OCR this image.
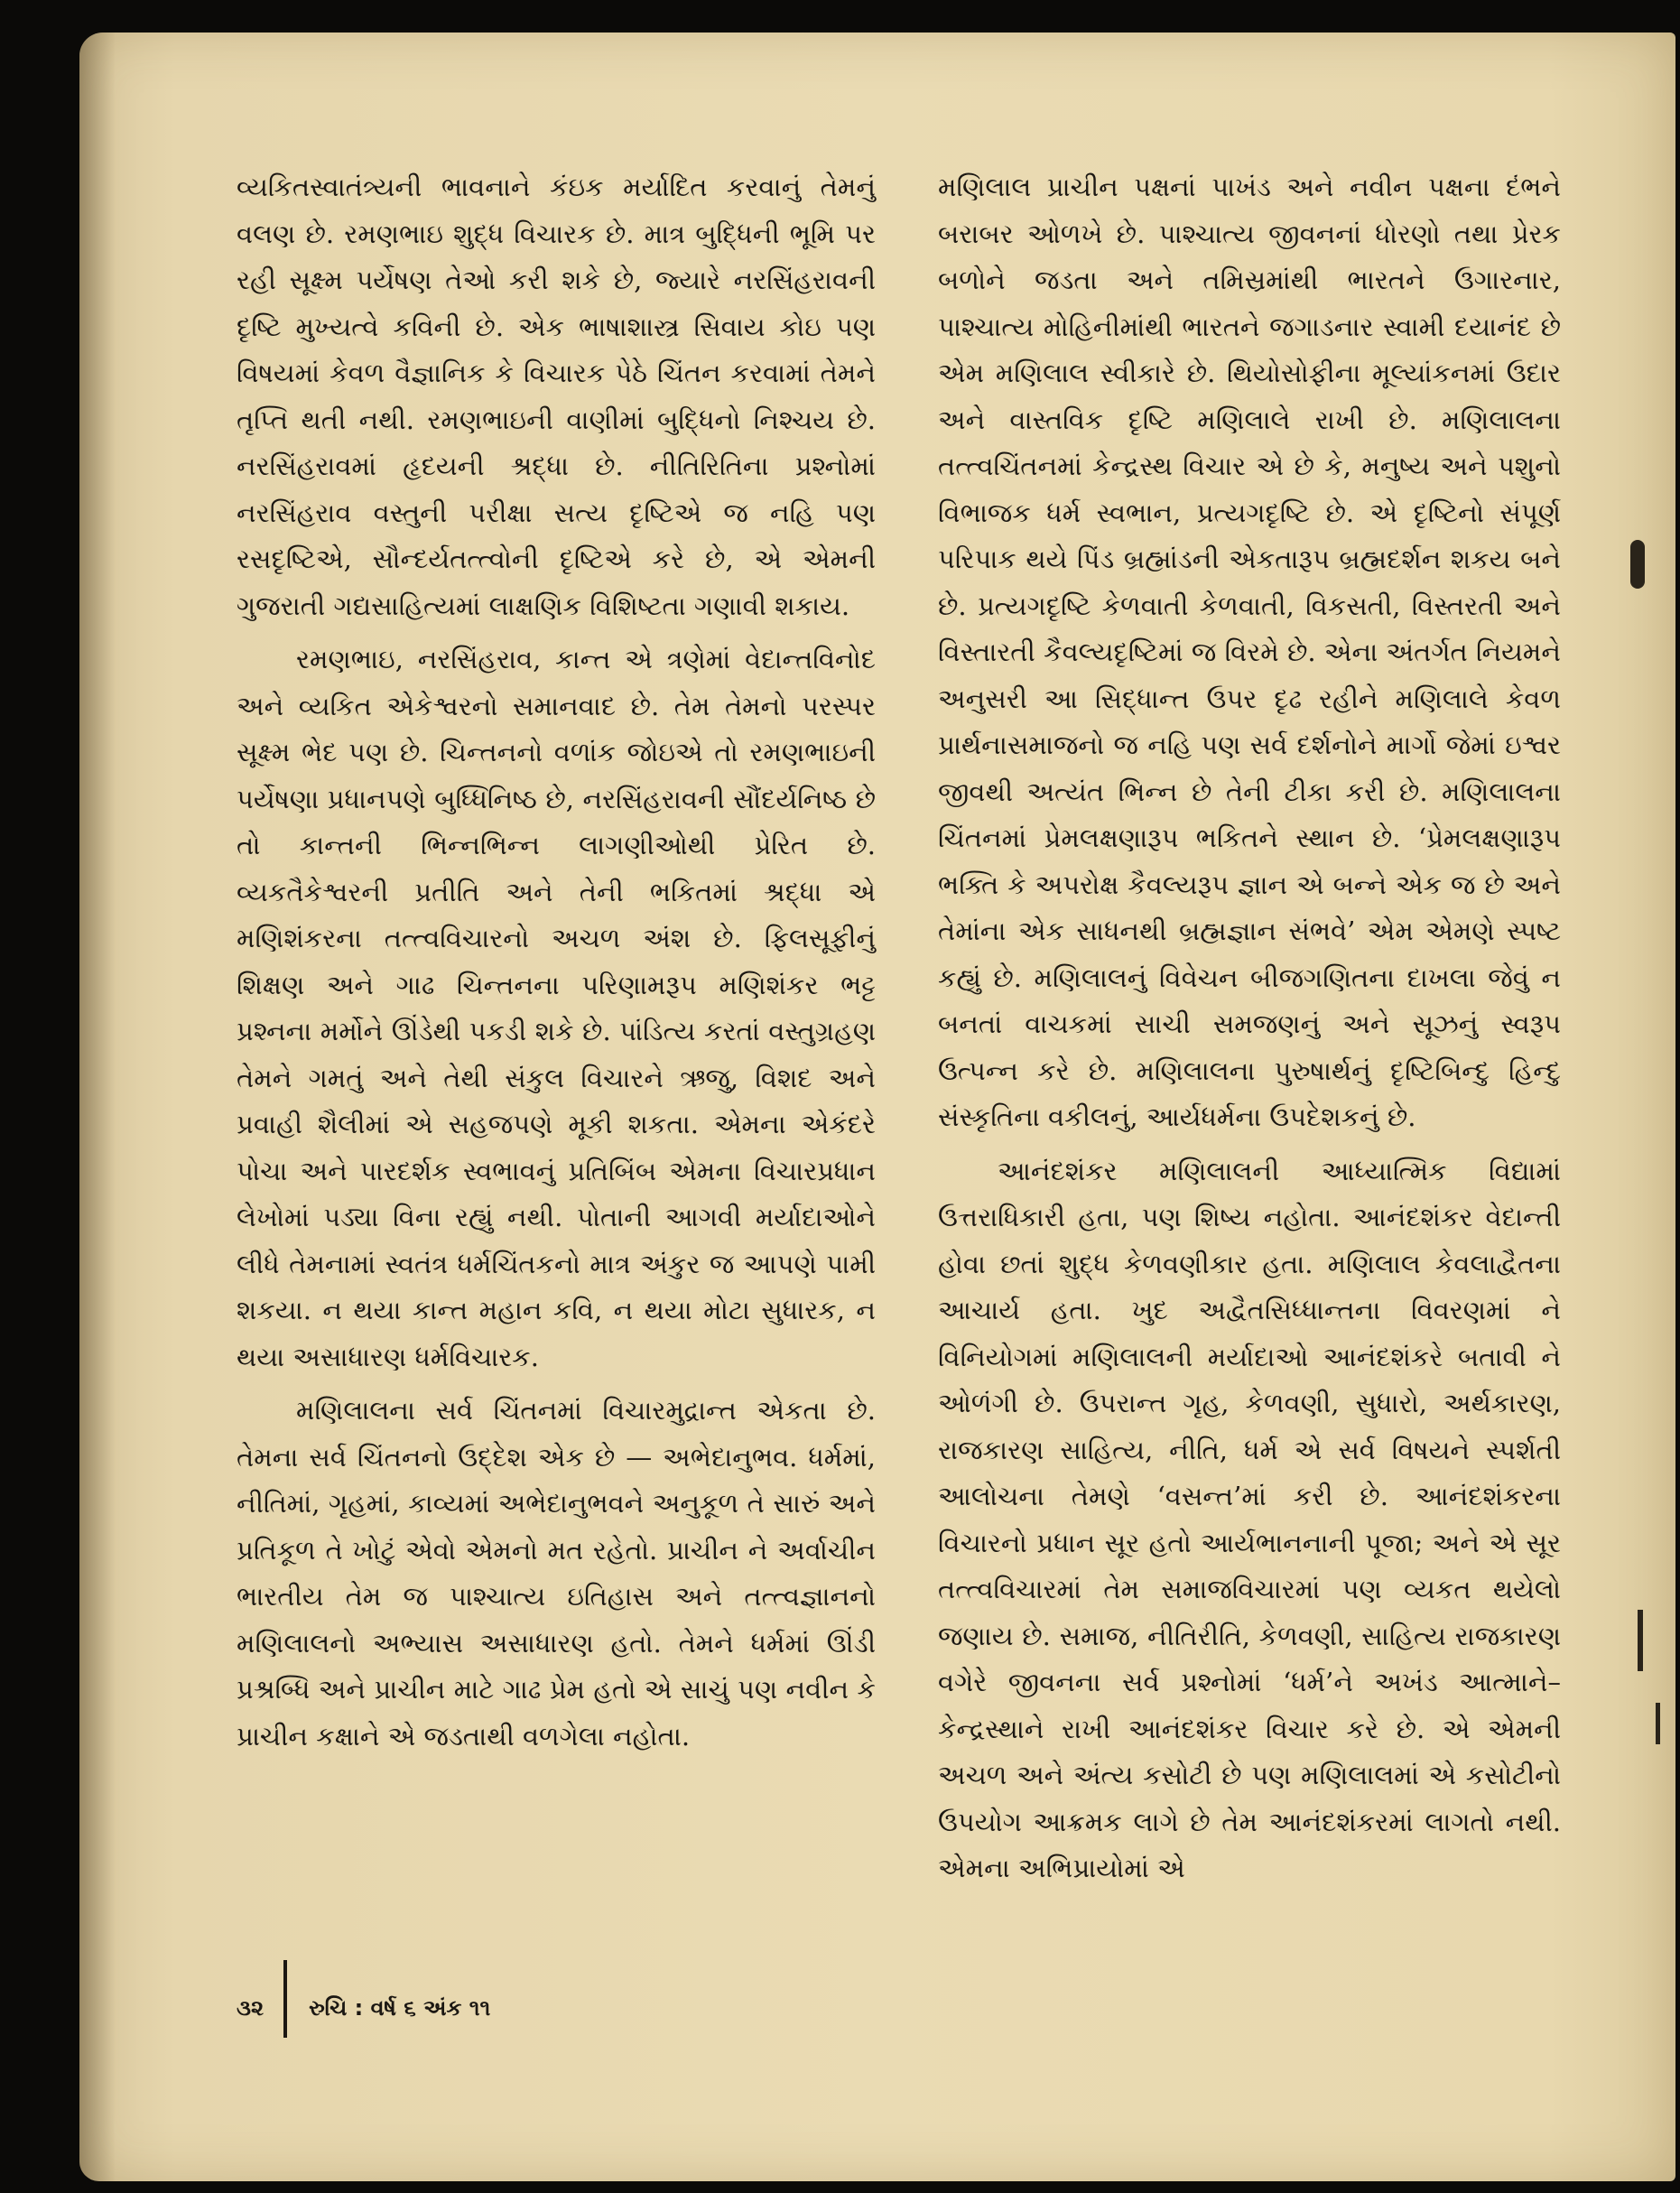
વ્યકિતસ્વાતંત્ર્યની ભાવનાને કંઇક મર્યાદિત કરવાનું તેમનું વલણ છે. રમણભાઇ શુદ્ધ વિચારક છે. માત્ર બુદ્ધિની ભૂમિ પર રહી સૂક્ષ્મ પર્યેષણ તેઓ કરી શકે છે, જ્યારે નરસિંહરાવની દૃષ્ટિ મુખ્યત્વે કવિની છે. એક ભાષાશાસ્ત્ર સિવાય કોઇ પણ વિષયમાં કેવળ વૈજ્ઞાનિક કે વિચારક પેઠે ચિંતન કરવામાં તેમને તૃપ્તિ થતી નથી. રમણભાઇની વાણીમાં બુદ્ધિનો નિશ્ચય છે. નરસિંહરાવમાં હૃદયની શ્રદ્ધા છે. નીતિરિતિના પ્રશ્નોમાં નરસિંહરાવ વસ્તુની પરીક્ષા સત્ય દૃષ્ટિએ જ નહિ પણ રસદૃષ્ટિએ, સૌન્દર્યતત્ત્વોની દૃષ્ટિએ કરે છે, એ એમની ગુજરાતી ગદ્યસાહિત્યમાં લાક્ષણિક વિશિષ્ટતા ગણાવી શકાય.

રમણભાઇ, નરસિંહરાવ, કાન્ત એ ત્રણેમાં વેદાન્તવિનોદ અને વ્યકિત એકેશ્વરનો સમાનવાદ છે. તેમ તેમનો પરસ્પર સૂક્ષ્મ ભેદ પણ છે. ચિન્તનનો વળાંક જોઇએ તો રમણભાઇની પર્યેષણા પ્રધાનપણે બુધ્ધિનિષ્ઠ છે, નરસિંહરાવની સૌંદર્યનિષ્ઠ છે તો કાન્તની ભિન્નભિન્ન લાગણીઓથી પ્રેરિત છે. વ્યકતૈકેશ્વરની પ્રતીતિ અને તેની ભકિતમાં શ્રદ્ધા એ મણિશંકરના તત્ત્વવિચારનો અચળ અંશ છે. ફિલસૂફીનું શિક્ષણ અને ગાઢ ચિન્તનના પરિણામરૂપ મણિશંકર ભટ્ટ પ્રશ્નના મર્મોને ઊંડેથી પકડી શકે છે. પાંડિત્ય કરતાં વસ્તુગ્રહણ તેમને ગમતું અને તેથી સંકુલ વિચારને ઋજુ, વિશદ અને પ્રવાહી શૈલીમાં એ સહજપણે મૂકી શકતા. એમના એકંદરે પોચા અને પારદર્શક સ્વભાવનું પ્રતિબિંબ એમના વિચારપ્રધાન લેખોમાં પડ્યા વિના રહ્યું નથી. પોતાની આગવી મર્યાદાઓને લીધે તેમનામાં સ્વતંત્ર ધર્મચિંતકનો માત્ર અંકુર જ આપણે પામી શકયા. ન થયા કાન્ત મહાન કવિ, ન થયા મોટા સુધારક, ન થયા અસાધારણ ધર્મવિચારક.

મણિલાલના સર્વ ચિંતનમાં વિચારમુદ્રાન્ત એકતા છે. તેમના સર્વ ચિંતનનો ઉદ્દેશ એક છે — અભેદાનુભવ. ધર્મમાં, નીતિમાં, ગૃહમાં, કાવ્યમાં અભેદાનુભવને અનુકૂળ તે સારું અને પ્રતિકૂળ તે ખોટું એવો એમનો મત રહેતો. પ્રાચીન ને અર્વાચીન ભારતીય તેમ જ પાશ્ચાત્ય ઇતિહાસ અને તત્ત્વજ્ઞાનનો મણિલાલનો અભ્યાસ અસાધારણ હતો. તેમને ધર્મમાં ઊંડી પ્રશ્રબ્ધિ અને પ્રાચીન માટે ગાઢ પ્રેમ હતો એ સાચું પણ નવીન કે પ્રાચીન કક્ષાને એ જડતાથી વળગેલા નહોતા.

મણિલાલ પ્રાચીન પક્ષનાં પાખંડ અને નવીન પક્ષના દંભને બરાબર ઓળખે છે. પાશ્ચાત્ય જીવનનાં ધોરણો તથા પ્રેરક બળોને જડતા અને તમિસ્રમાંથી ભારતને ઉગારનાર, પાશ્ચાત્ય મોહિનીમાંથી ભારતને જગાડનાર સ્વામી દયાનંદ છે એમ મણિલાલ સ્વીકારે છે. થિયોસોફીના મૂલ્યાંકનમાં ઉદાર અને વાસ્તવિક દૃષ્ટિ મણિલાલે રાખી છે. મણિલાલના તત્ત્વચિંતનમાં કેન્દ્રસ્થ વિચાર એ છે કે, મનુષ્ય અને પશુનો વિભાજક ધર્મ સ્વભાન, પ્રત્યગદૃષ્ટિ છે. એ દૃષ્ટિનો સંપૂર્ણ પરિપાક થયે પિંડ બ્રહ્માંડની એકતારૂપ બ્રહ્મદર્શન શકય બને છે. પ્રત્યગદૃષ્ટિ કેળવાતી કેળવાતી, વિકસતી, વિસ્તરતી અને વિસ્તારતી કૈવલ્યદૃષ્ટિમાં જ વિરમે છે. એના અંતર્ગત નિયમને અનુસરી આ સિદ્ધાન્ત ઉપર દૃઢ રહીને મણિલાલે કેવળ પ્રાર્થનાસમાજનો જ નહિ પણ સર્વ દર્શનોને માર્ગો જેમાં ઇશ્વર જીવથી અત્યંત ભિન્ન છે તેની ટીકા કરી છે. મણિલાલના ચિંતનમાં પ્રેમલક્ષણારૂપ ભકિતને સ્થાન છે. ‘પ્રેમલક્ષણારૂપ ભક્તિ કે અપરોક્ષ કૈવલ્યરૂપ જ્ઞાન એ બન્ને એક જ છે અને તેમાંના એક સાધનથી બ્રહ્મજ્ઞાન સંભવે’ એમ એમણે સ્પષ્ટ કહ્યું છે. મણિલાલનું વિવેચન બીજગણિતના દાખલા જેવું ન બનતાં વાચકમાં સાચી સમજણનું અને સૂઝનું સ્વરૂપ ઉત્પન્ન કરે છે. મણિલાલના પુરુષાર્થનું દૃષ્ટિબિન્દુ હિન્દુ સંસ્કૃતિના વકીલનું, આર્યધર્મના ઉપદેશકનું છે.

આનંદશંકર મણિલાલની આધ્યાત્મિક વિદ્યામાં ઉત્તરાધિકારી હતા, પણ શિષ્ય નહોતા. આનંદશંકર વેદાન્તી હોવા છતાં શુદ્ધ કેળવણીકાર હતા. મણિલાલ કેવલાદ્વૈતના આચાર્ય હતા. ખુદ અદ્વૈતસિધ્ધાન્તના વિવરણમાં ને વિનિયોગમાં મણિલાલની મર્યાદાઓ આનંદશંકરે બતાવી ને ઓળંગી છે. ઉપરાન્ત ગૃહ, કેળવણી, સુધારો, અર્થકારણ, રાજકારણ સાહિત્ય, નીતિ, ધર્મ એ સર્વ વિષયને સ્પર્શતી આલોચના તેમણે ‘વસન્ત’માં કરી છે. આનંદશંકરના વિચારનો પ્રધાન સૂર હતો આર્યભાનનાની પૂજા; અને એ સૂર તત્ત્વવિચારમાં તેમ સમાજવિચારમાં પણ વ્યકત થયેલો જણાય છે. સમાજ, નીતિરીતિ, કેળવણી, સાહિત્ય રાજકારણ વગેરે જીવનના સર્વ પ્રશ્નોમાં ‘ધર્મ’ને અખંડ આત્માને–કેન્દ્રસ્થાને રાખી આનંદશંકર વિચાર કરે છે. એ એમની અચળ અને અંત્ય કસોટી છે પણ મણિલાલમાં એ કસોટીનો ઉપયોગ આક્રમક લાગે છે તેમ આનંદશંકરમાં લાગતો નથી. એમના અભિપ્રાયોમાં એ

૩૨ રુચિ : વર્ષ ૬ અંક ૧૧
